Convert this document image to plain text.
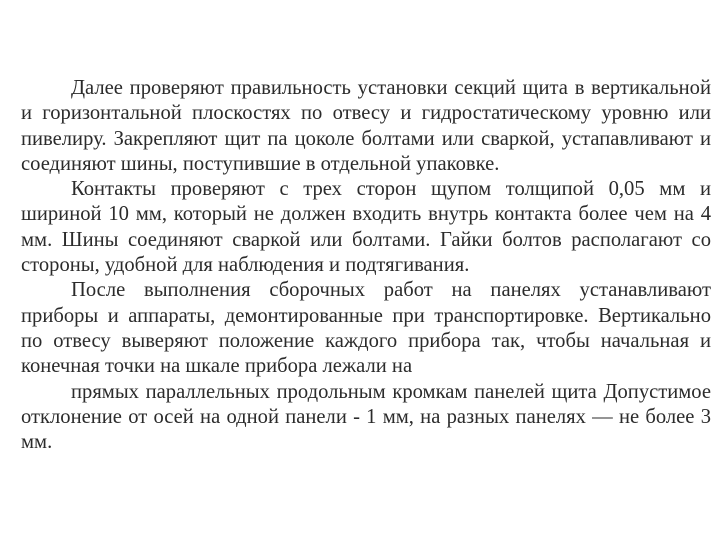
Далее проверяют правильность установки секций щита в вертикальной и горизонтальной плоскостях по отвесу и гидростатическому уровню или пивелиру. Закрепляют щит па цоколе болтами или сваркой, устапавливают и соединяют шины, поступившие в отдельной упаковке.

Контакты проверяют с трех сторон щупом толщипой 0,05 мм и шириной 10 мм, который не должен входить внутрь контакта более чем на 4 мм. Шины соединяют сваркой или болтами. Гайки болтов располагают со стороны, удобной для наблюдения и подтягивания.

После выполнения сборочных работ на панелях устанавливают приборы и аппараты, демонтированные при транспортировке. Вертикально по отвесу выверяют положение каждого прибора так, чтобы начальная и конечная точки на шкале прибора лежали на

прямых параллельных продольным кромкам панелей щита Допустимое отклонение от осей на одной панели - 1 мм, на разных панелях — не более 3 мм.
